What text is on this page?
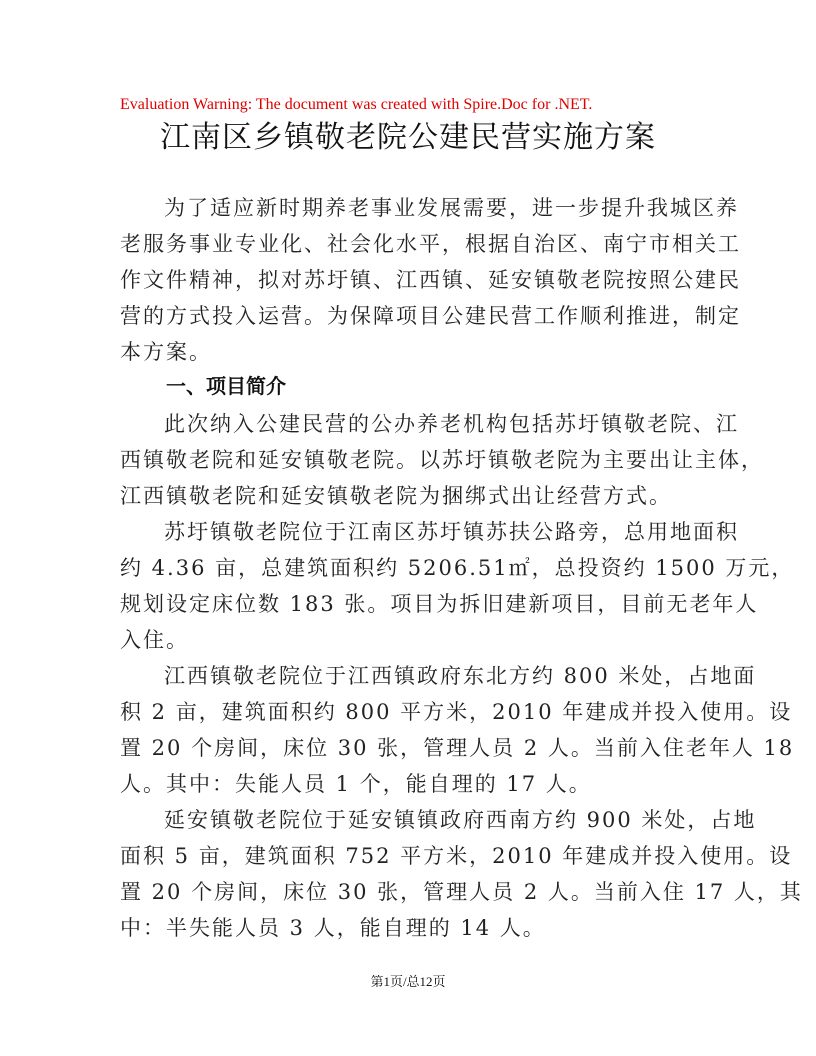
Evaluation Warning: The document was created with Spire.Doc for .NET.
江南区乡镇敬老院公建民营实施方案
为了适应新时期养老事业发展需要，进一步提升我城区养
老服务事业专业化、社会化水平，根据自治区、南宁市相关工
作文件精神，拟对苏圩镇、江西镇、延安镇敬老院按照公建民
营的方式投入运营。为保障项目公建民营工作顺利推进，制定
本方案。
一、项目简介
此次纳入公建民营的公办养老机构包括苏圩镇敬老院、江
西镇敬老院和延安镇敬老院。以苏圩镇敬老院为主要出让主体，
江西镇敬老院和延安镇敬老院为捆绑式出让经营方式。
苏圩镇敬老院位于江南区苏圩镇苏扶公路旁，总用地面积
约 4.36 亩，总建筑面积约 5206.51㎡，总投资约 1500 万元，
规划设定床位数 183 张。项目为拆旧建新项目，目前无老年人
入住。
江西镇敬老院位于江西镇政府东北方约 800 米处，占地面
积 2 亩，建筑面积约 800 平方米，2010 年建成并投入使用。设
置 20 个房间，床位 30 张，管理人员 2 人。当前入住老年人 18
人。其中：失能人员 1 个，能自理的 17 人。
延安镇敬老院位于延安镇镇政府西南方约 900 米处，占地
面积 5 亩，建筑面积 752 平方米，2010 年建成并投入使用。设
置 20 个房间，床位 30 张，管理人员 2 人。当前入住 17 人，其
中：半失能人员 3 人，能自理的 14 人。
第1页/总12页
